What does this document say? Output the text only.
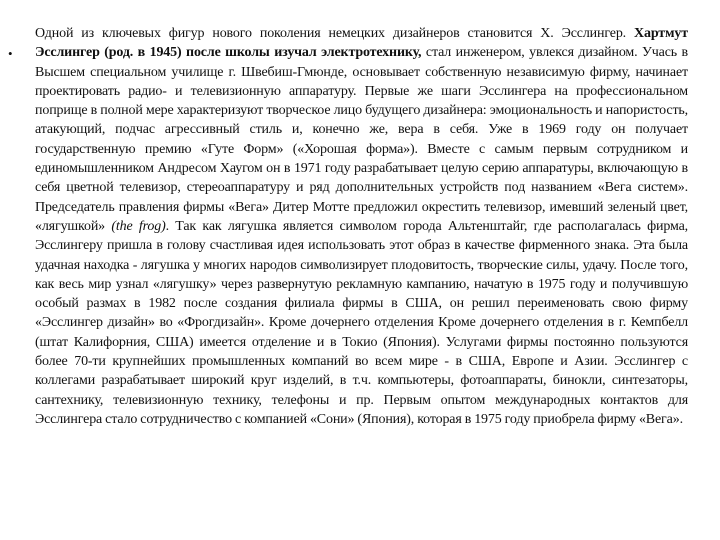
•
Одной из ключевых фигур нового поколения немецких дизайнеров становится Х. Эсслингер. Хартмут Эсслингер (род. в 1945) после школы изучал электротехнику, стал инженером, увлекся дизайном. Учась в Высшем специальном училище г. Швебиш-Гмюнде, основывает собственную независимую фирму, начинает проектировать радио- и телевизионную аппаратуру. Первые же шаги Эсслингера на профессиональном поприще в полной мере характеризуют творческое лицо будущего дизайнера: эмоциональность и напористость, атакующий, подчас агрессивный стиль и, конечно же, вера в себя. Уже в 1969 году он получает государственную премию «Гуте Форм» («Хорошая форма»). Вместе с самым первым сотрудником и единомышленником Андресом Хаугом он в 1971 году разрабатывает целую серию аппаратуры, включающую в себя цветной телевизор, стереоаппаратуру и ряд дополнительных устройств под названием «Вега систем». Председатель правления фирмы «Вега» Дитер Мотте предложил окрестить телевизор, имевший зеленый цвет, «лягушкой» (the frog). Так как лягушка является символом города Альтенштайг, где располагалась фирма, Эсслингеру пришла в голову счастливая идея использовать этот образ в качестве фирменного знака. Эта была удачная находка - лягушка у многих народов символизирует плодовитость, творческие силы, удачу. После того, как весь мир узнал «лягушку» через развернутую рекламную кампанию, начатую в 1975 году и получившую особый размах в 1982 после создания филиала фирмы в США, он решил переименовать свою фирму «Эсслингер дизайн» во «Фрогдизайн». Кроме дочернего отделения Кроме дочернего отделения в г. Кемпбелл (штат Калифорния, США) имеется отделение и в Токио (Япония). Услугами фирмы постоянно пользуются более 70-ти крупнейших промышленных компаний во всем мире - в США, Европе и Азии. Эсслингер с коллегами разрабатывает широкий круг изделий, в т.ч. компьютеры, фотоаппараты, бинокли, синтезаторы, сантехнику, телевизионную технику, телефоны и пр. Первым опытом международных контактов для Эсслингера стало сотрудничество с компанией «Сони» (Япония), которая в 1975 году приобрела фирму «Вега».
